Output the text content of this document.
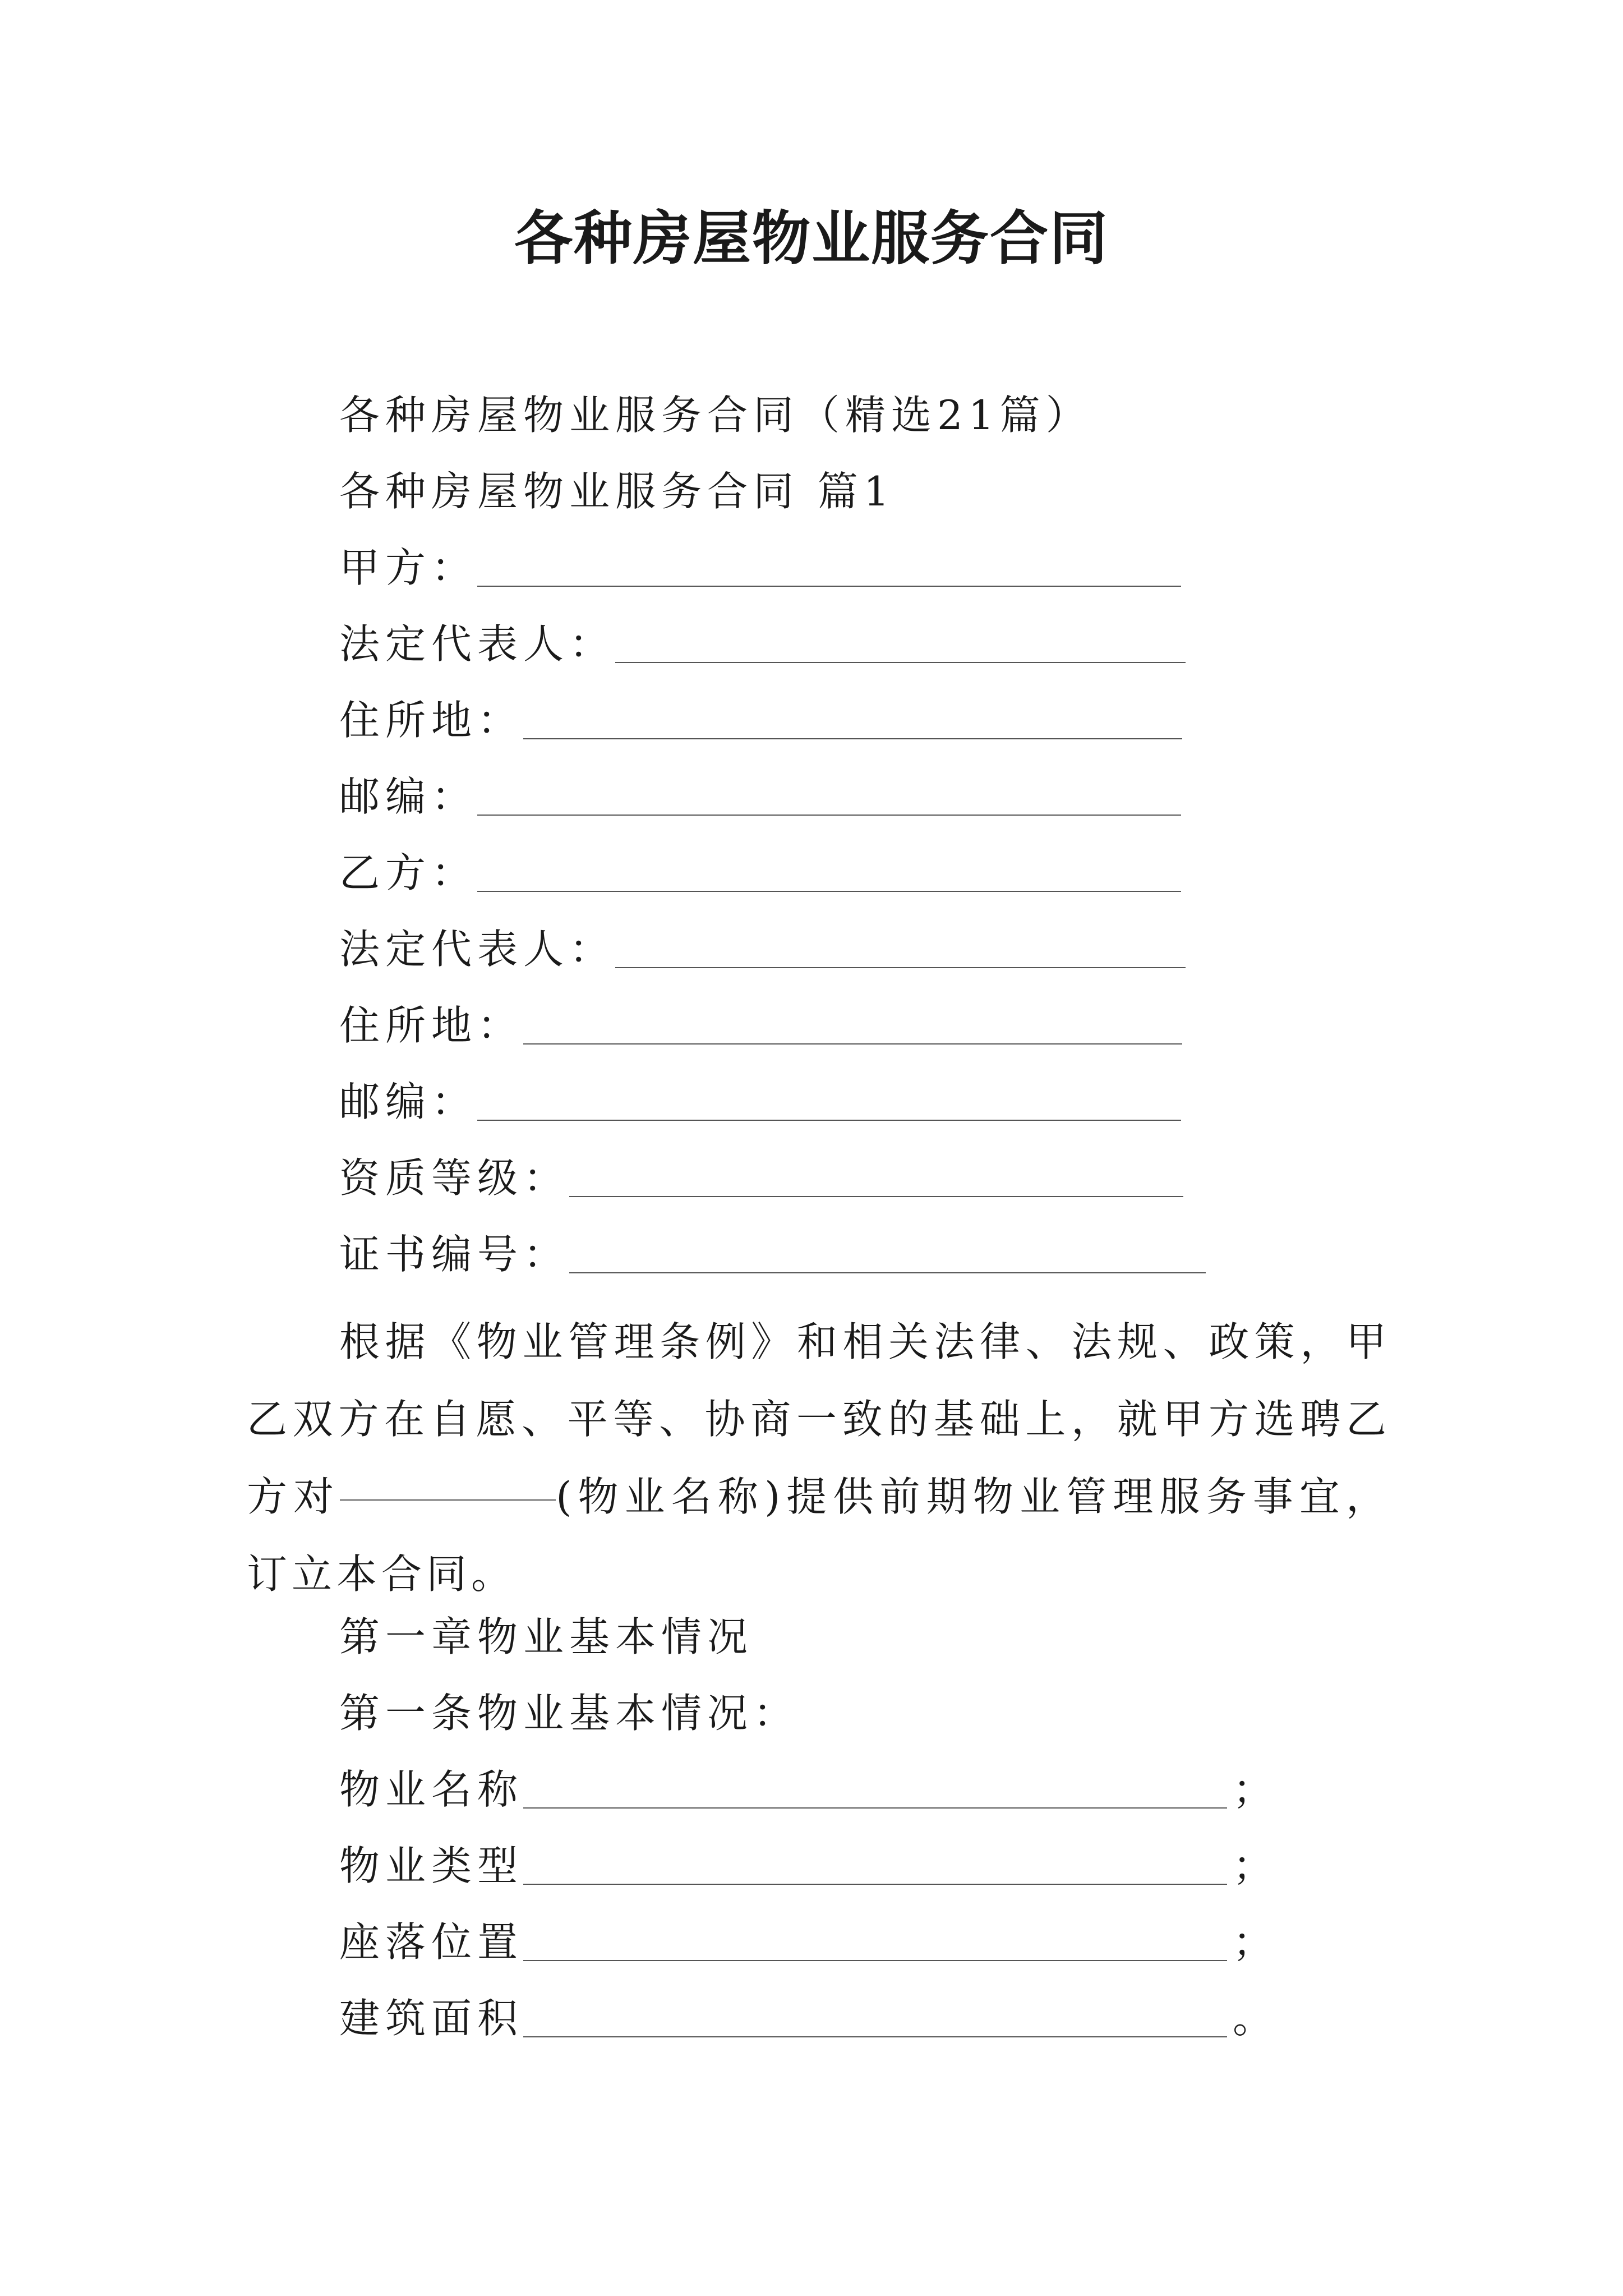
各种房屋物业服务合同
各种房屋物业服务合同（精选21篇）
各种房屋物业服务合同 篇1
甲方：
法定代表人：
住所地：
邮编：
乙方：
法定代表人：
住所地：
邮编：
资质等级：
证书编号：
根据《物业管理条例》和相关法律、法规、政策，甲乙双方在自愿、平等、协商一致的基础上，就甲方选聘乙方对	(物业名称)提供前期物业管理服务事宜，订立本合同。
第一章物业基本情况
第一条物业基本情况：
物业名称	；
物业类型	；
座落位置	；
建筑面积	。
